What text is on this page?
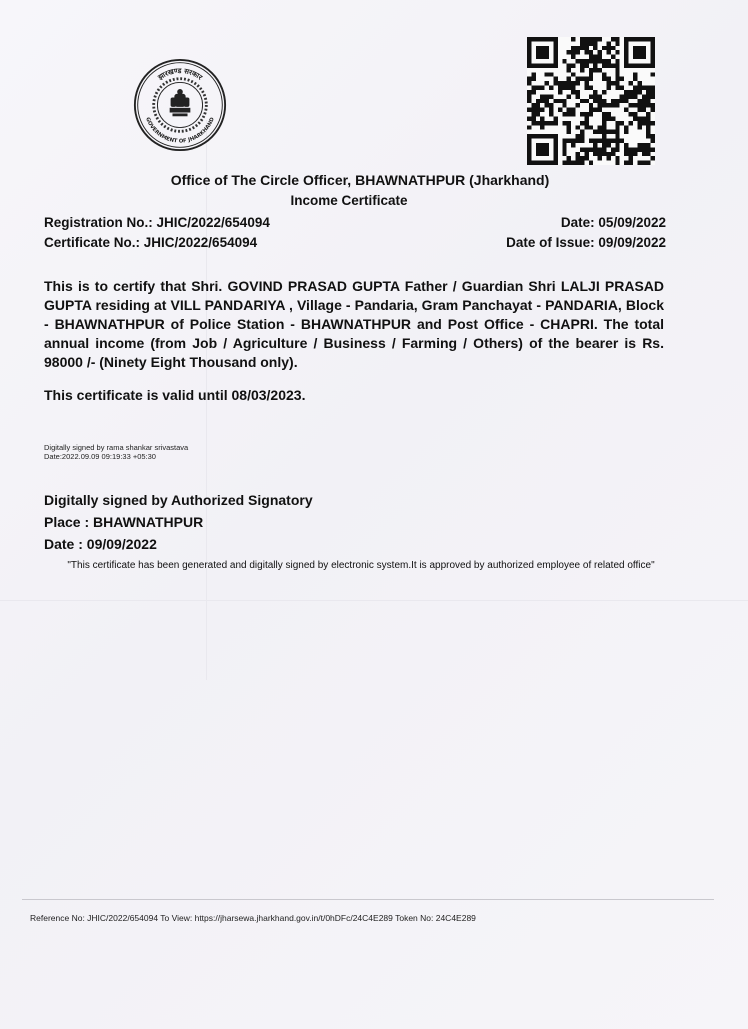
झारखण्ड सरकार
GOVERNMENT OF JHARKHAND
Office of The Circle Officer, BHAWNATHPUR (Jharkhand)
Income Certificate
Registration No.: JHIC/2022/654094
Certificate No.: JHIC/2022/654094
Date: 05/09/2022
Date of Issue: 09/09/2022
This is to certify that Shri. GOVIND PRASAD GUPTA Father / Guardian Shri LALJI PRASAD GUPTA residing at VILL PANDARIYA , Village - Pandaria, Gram Panchayat - PANDARIA, Block - BHAWNATHPUR of Police Station - BHAWNATHPUR and Post Office - CHAPRI. The total annual income (from Job / Agriculture / Business / Farming / Others) of the bearer is Rs. 98000 /- (Ninety Eight Thousand only).
This certificate is valid until 08/03/2023.
Digitally signed by rama shankar srivastava
Date:2022.09.09 09:19:33 +05:30
Digitally signed by Authorized Signatory
Place : BHAWNATHPUR
Date : 09/09/2022
"This certificate has been generated and digitally signed by electronic system.It is approved by authorized employee of related office"
Reference No: JHIC/2022/654094 To View: https://jharsewa.jharkhand.gov.in/t/0hDFc/24C4E289 Token No: 24C4E289
